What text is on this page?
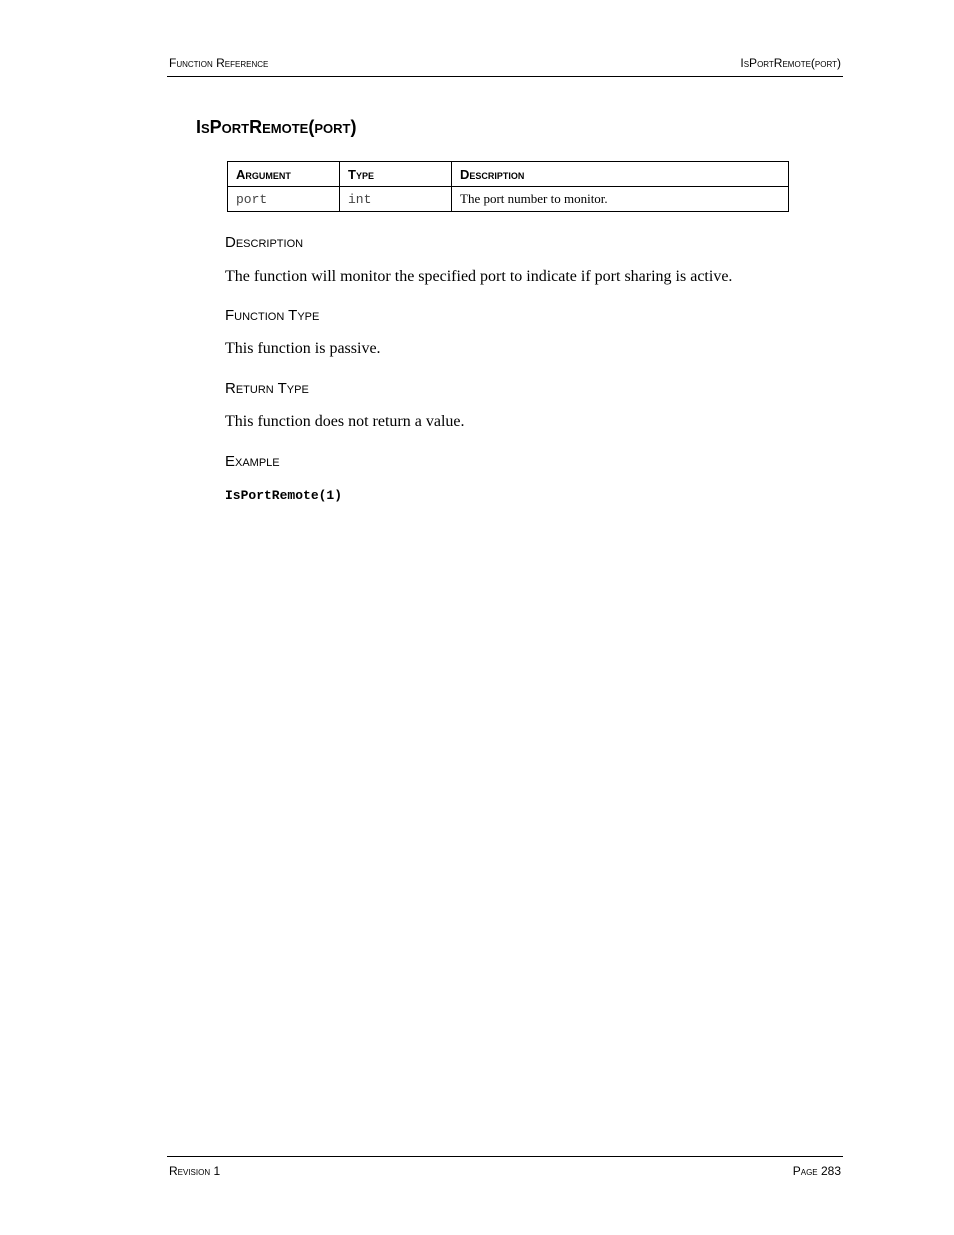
Function Reference	IsPortRemote(port)
IsPortRemote(port)
Argument	Type	Description
port	int	The port number to monitor.
Description

The function will monitor the specified port to indicate if port sharing is active.

Function Type

This function is passive.

Return Type

This function does not return a value.

Example
IsPortRemote(1)
Revision 1	Page 283
